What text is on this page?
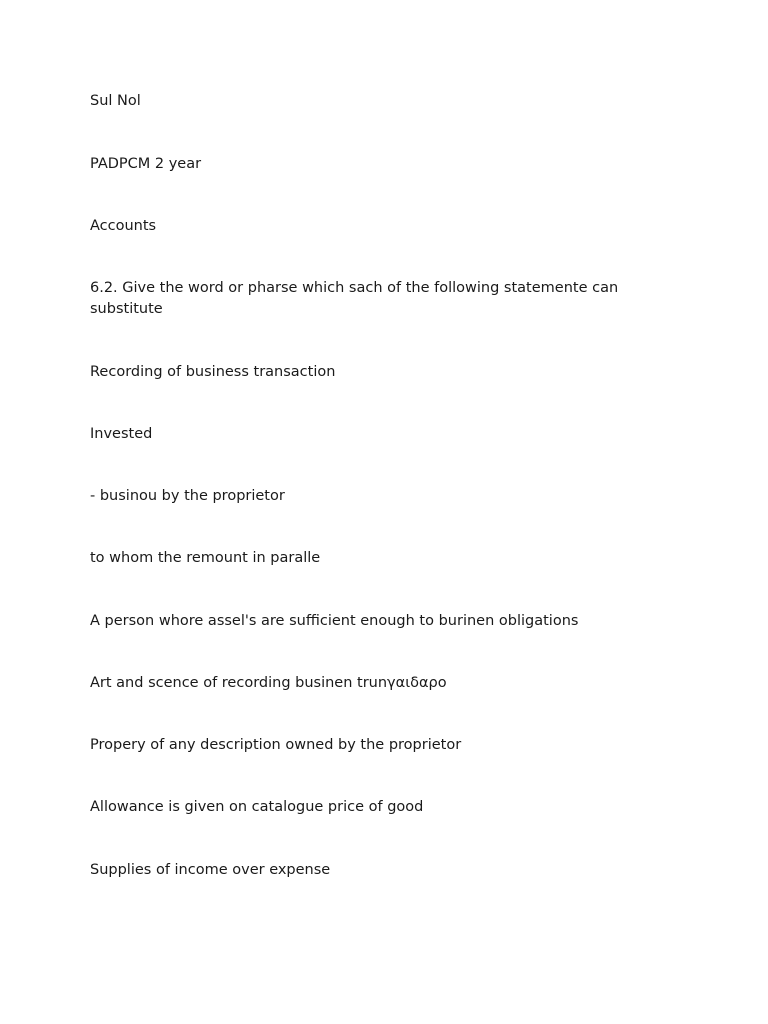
Sul Nol

PADPCM 2 year

Accounts

6.2. Give the word or pharse which sach of the following statemente can substitute

Recording of business transaction

Invested

- businou by the proprietor

to whom the remount in paralle

A person whore assel's are sufficient enough to burinen obligations

Art and scence of recording businen trunγαιδαρο

Propery of any description owned by the proprietor

Allowance is given on catalogue price of good

Supplies of income over expense
